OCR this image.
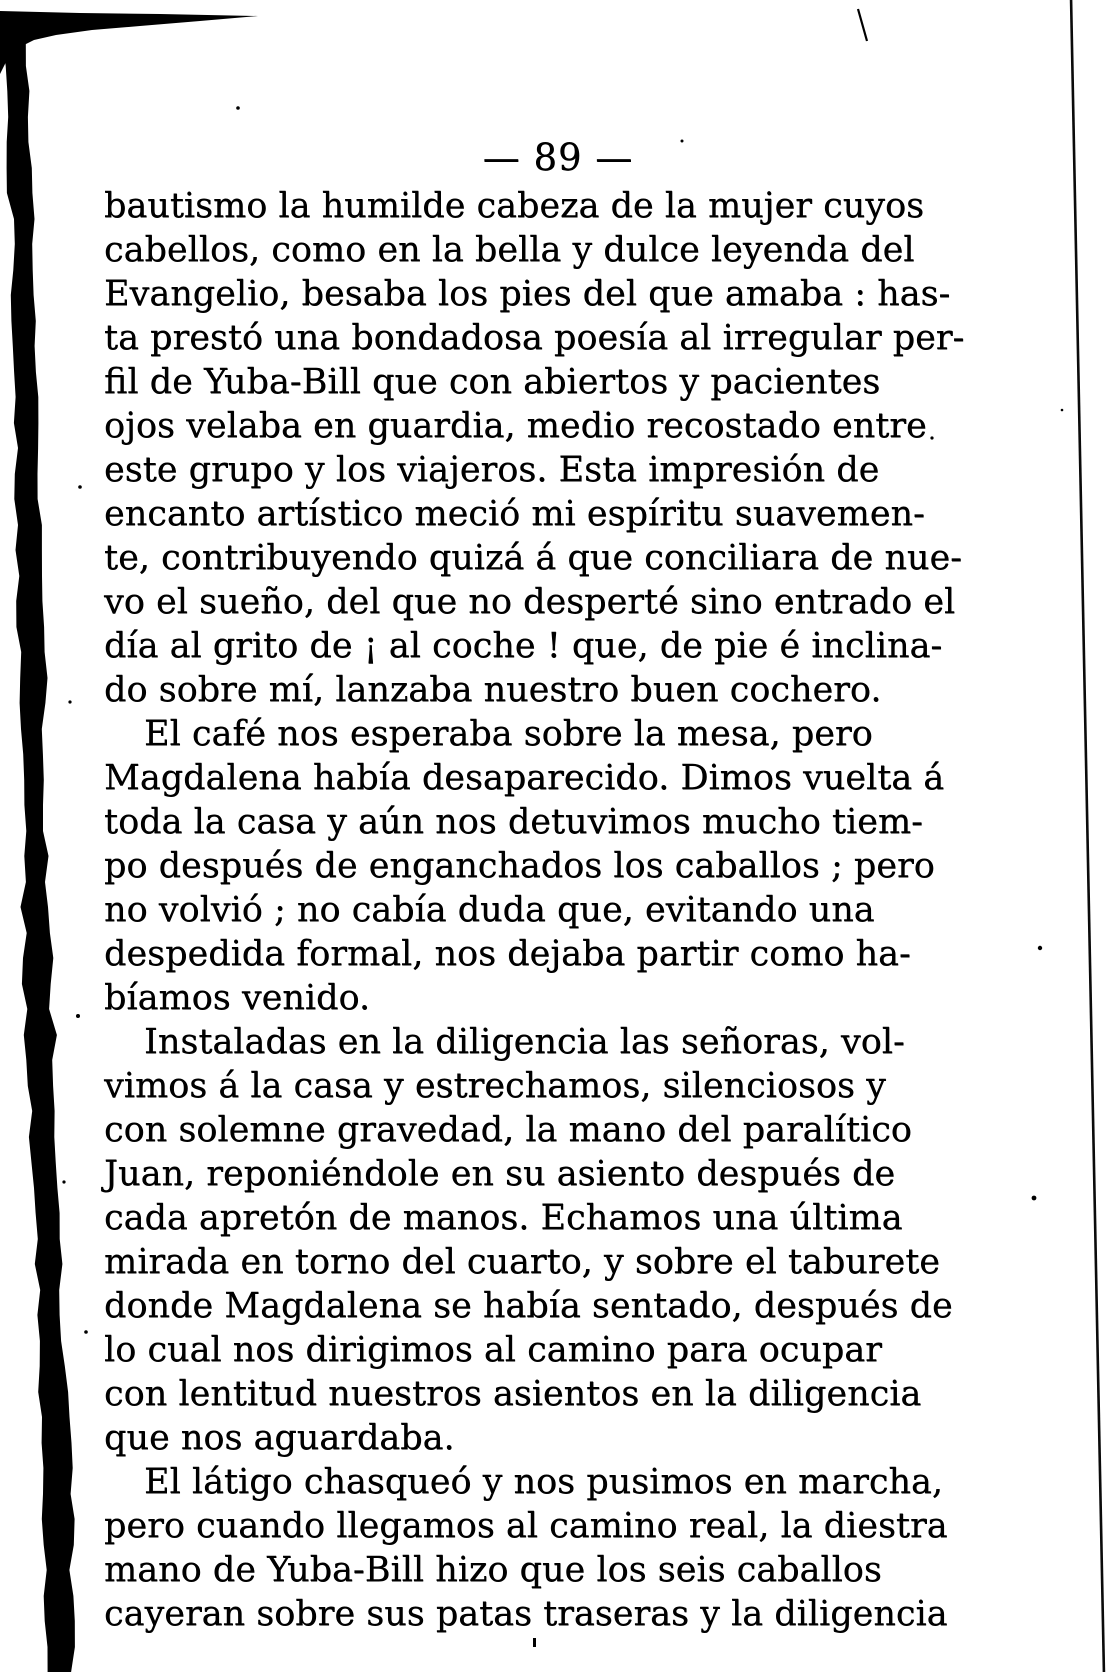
— 89 —
bautismo la humilde cabeza de la mujer cuyos
cabellos, como en la bella y dulce leyenda del
Evangelio, besaba los pies del que amaba : has-
ta prestó una bondadosa poesía al irregular per-
fil de Yuba-Bill que con abiertos y pacientes
ojos velaba en guardia, medio recostado entre
este grupo y los viajeros. Esta impresión de
encanto artístico meció mi espíritu suavemen-
te, contribuyendo quizá á que conciliara de nue-
vo el sueño, del que no desperté sino entrado el
día al grito de ¡ al coche ! que, de pie é inclina-
do sobre mí, lanzaba nuestro buen cochero.
El café nos esperaba sobre la mesa, pero
Magdalena había desaparecido. Dimos vuelta á
toda la casa y aún nos detuvimos mucho tiem-
po después de enganchados los caballos ; pero
no volvió ; no cabía duda que, evitando una
despedida formal, nos dejaba partir como ha-
bíamos venido.
Instaladas en la diligencia las señoras, vol-
vimos á la casa y estrechamos, silenciosos y
con solemne gravedad, la mano del paralítico
Juan, reponiéndole en su asiento después de
cada apretón de manos. Echamos una última
mirada en torno del cuarto, y sobre el taburete
donde Magdalena se había sentado, después de
lo cual nos dirigimos al camino para ocupar
con lentitud nuestros asientos en la diligencia
que nos aguardaba.
El látigo chasqueó y nos pusimos en marcha,
pero cuando llegamos al camino real, la diestra
mano de Yuba-Bill hizo que los seis caballos
cayeran sobre sus patas traseras y la diligencia
